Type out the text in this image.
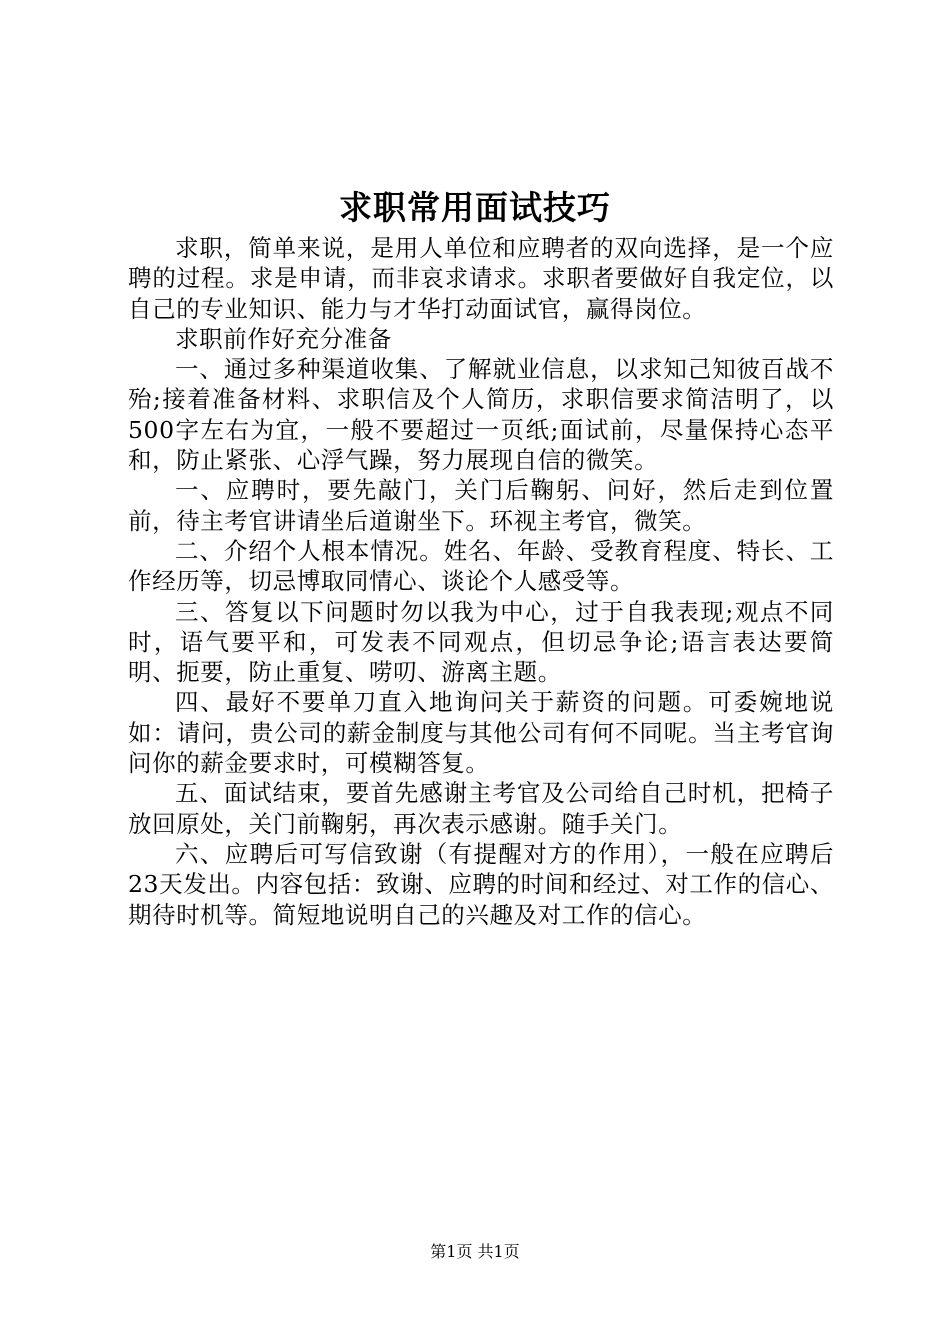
求职常用面试技巧

求职，简单来说，是用人单位和应聘者的双向选择，是一个应聘的过程。求是申请，而非哀求请求。求职者要做好自我定位，以自己的专业知识、能力与才华打动面试官，赢得岗位。

求职前作好充分准备

一、通过多种渠道收集、了解就业信息，以求知己知彼百战不殆;接着准备材料、求职信及个人简历，求职信要求简洁明了，以500字左右为宜，一般不要超过一页纸;面试前，尽量保持心态平和，防止紧张、心浮气躁，努力展现自信的微笑。

一、应聘时，要先敲门，关门后鞠躬、问好，然后走到位置前，待主考官讲请坐后道谢坐下。环视主考官，微笑。

二、介绍个人根本情况。姓名、年龄、受教育程度、特长、工作经历等，切忌博取同情心、谈论个人感受等。

三、答复以下问题时勿以我为中心，过于自我表现;观点不同时，语气要平和，可发表不同观点，但切忌争论;语言表达要简明、扼要，防止重复、唠叨、游离主题。

四、最好不要单刀直入地询问关于薪资的问题。可委婉地说如：请问，贵公司的薪金制度与其他公司有何不同呢。当主考官询问你的薪金要求时，可模糊答复。

五、面试结束，要首先感谢主考官及公司给自己时机，把椅子放回原处，关门前鞠躬，再次表示感谢。随手关门。

六、应聘后可写信致谢（有提醒对方的作用），一般在应聘后23天发出。内容包括：致谢、应聘的时间和经过、对工作的信心、期待时机等。简短地说明自己的兴趣及对工作的信心。

第1页 共1页
